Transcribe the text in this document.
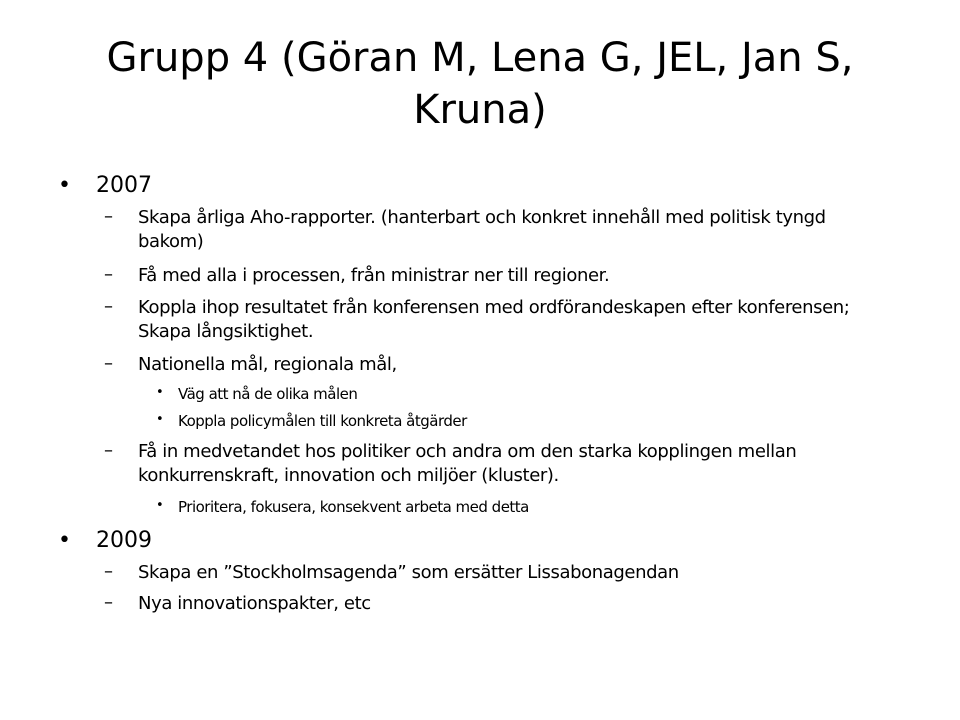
Grupp 4 (Göran M, Lena G, JEL, Jan S, Kruna)
• 2007
– Skapa årliga Aho-rapporter. (hanterbart och konkret innehåll med politisk tyngd bakom)
– Få med alla i processen, från ministrar ner till regioner.
– Koppla ihop resultatet från konferensen med ordförandeskapen efter konferensen; Skapa långsiktighet.
– Nationella mål, regionala mål,
• Väg att nå de olika målen
• Koppla policymålen till konkreta åtgärder
– Få in medvetandet hos politiker och andra om den starka kopplingen mellan konkurrenskraft, innovation och miljöer (kluster).
• Prioritera, fokusera, konsekvent arbeta med detta
• 2009
– Skapa en ”Stockholmsagenda” som ersätter Lissabonagendan
– Nya innovationspakter, etc
